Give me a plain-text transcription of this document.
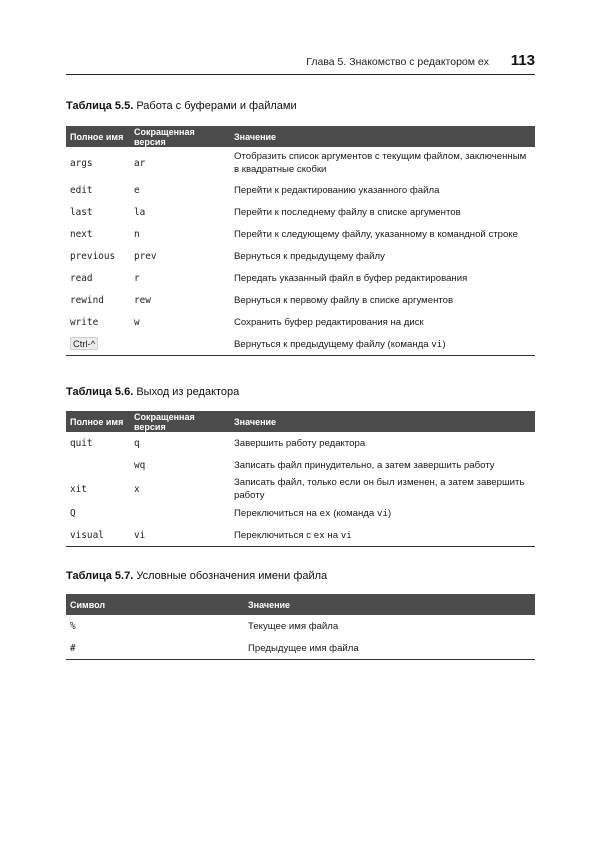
Глава 5. Знакомство с редактором ex 113
Таблица 5.5. Работа с буферами и файлами
Полное имя	Сокращенная версия	Значение
args	ar	Отобразить список аргументов с текущим файлом, заключенным в квадратные скобки
edit	e	Перейти к редактированию указанного файла
last	la	Перейти к последнему файлу в списке аргументов
next	n	Перейти к следующему файлу, указанному в командной строке
previous	prev	Вернуться к предыдущему файлу
read	r	Передать указанный файл в буфер редактирования
rewind	rew	Вернуться к первому файлу в списке аргументов
write	w	Сохранить буфер редактирования на диск
Ctrl-^		Вернуться к предыдущему файлу (команда vi)
Таблица 5.6. Выход из редактора
Полное имя	Сокращенная версия	Значение
quit	q	Завершить работу редактора
	wq	Записать файл принудительно, а затем завершить работу
xit	x	Записать файл, только если он был изменен, а затем завершить работу
Q		Переключиться на ex (команда vi)
visual	vi	Переключиться с ex на vi
Таблица 5.7. Условные обозначения имени файла
Символ	Значение
%	Текущее имя файла
#	Предыдущее имя файла
